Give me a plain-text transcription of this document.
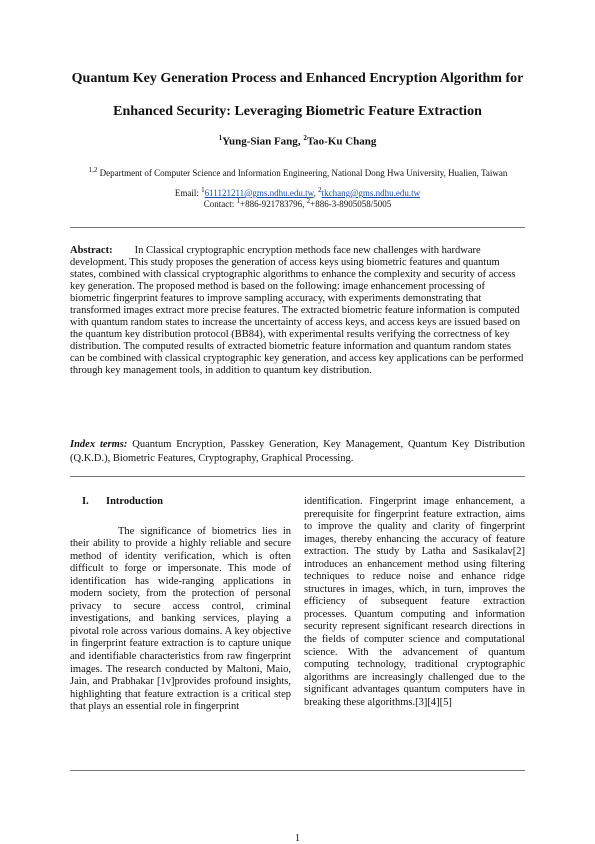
Quantum Key Generation Process and Enhanced Encryption Algorithm for
Enhanced Security: Leveraging Biometric Feature Extraction
$^1$Yung-Sian Fang, $^2$Tao-Ku Chang
$^{1,2}$ Department of Computer Science and Information Engineering, National Dong Hwa University, Hualien, Taiwan
Email: $^1$611121211@gms.ndhu.edu.tw, $^2$tkchang@gms.ndhu.edu.tw
Contact: $^1$+886-921783796, $^2$+886-3-8905058/5005

Abstract: In Classical cryptographic encryption methods face new challenges with hardware development. This study proposes the generation of access keys using biometric features and quantum states, combined with classical cryptographic algorithms to enhance the complexity and security of access key generation. The proposed method is based on the following: image enhancement processing of biometric fingerprint features to improve sampling accuracy, with experiments demonstrating that transformed images extract more precise features. The extracted biometric feature information is computed with quantum random states to increase the uncertainty of access keys, and access keys are issued based on the quantum key distribution protocol (BB84), with experimental results verifying the correctness of key distribution. The computed results of extracted biometric feature information and quantum random states can be combined with classical cryptographic key generation, and access key applications can be performed through key management tools, in addition to quantum key distribution.

Index terms: Quantum Encryption, Passkey Generation, Key Management, Quantum Key Distribution (Q.K.D.), Biometric Features, Cryptography, Graphical Processing.

I. Introduction

The significance of biometrics lies in their ability to provide a highly reliable and secure method of identity verification, which is often difficult to forge or impersonate. This mode of identification has wide-ranging applications in modern society, from the protection of personal privacy to secure access control, criminal investigations, and banking services, playing a pivotal role across various domains. A key objective in fingerprint feature extraction is to capture unique and identifiable characteristics from raw fingerprint images. The research conducted by Maltoni, Maio, Jain, and Prabhakar [1v]provides profound insights, highlighting that feature extraction is a critical step that plays an essential role in fingerprint

identification. Fingerprint image enhancement, a prerequisite for fingerprint feature extraction, aims to improve the quality and clarity of fingerprint images, thereby enhancing the accuracy of feature extraction. The study by Latha and Sasikalav[2] introduces an enhancement method using filtering techniques to reduce noise and enhance ridge structures in images, which, in turn, improves the efficiency of subsequent feature extraction processes. Quantum computing and information security represent significant research directions in the fields of computer science and computational science. With the advancement of quantum computing technology, traditional cryptographic algorithms are increasingly challenged due to the significant advantages quantum computers have in breaking these algorithms.[3][4][5]

1
